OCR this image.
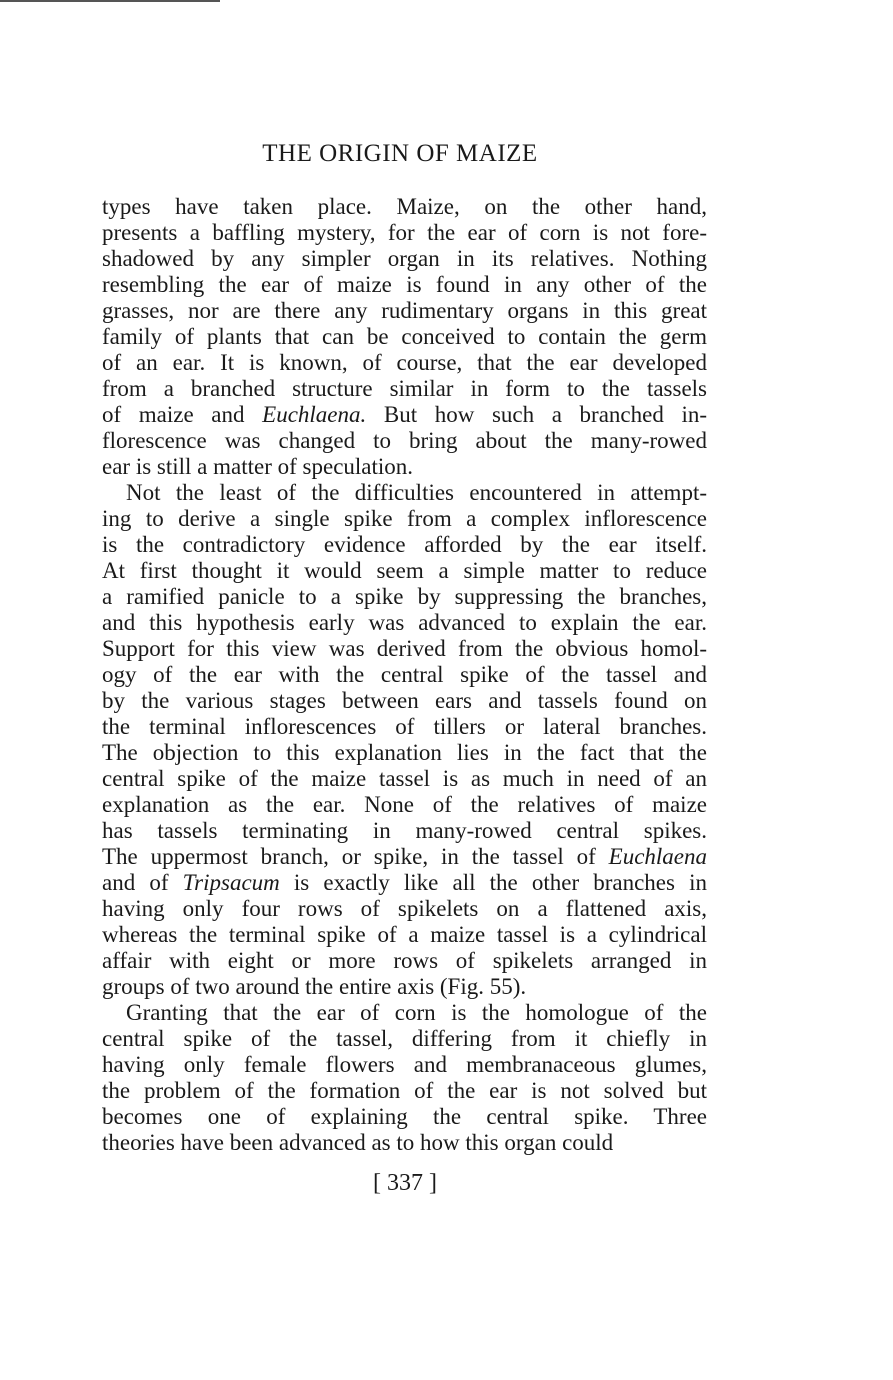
THE ORIGIN OF MAIZE
types have taken place. Maize, on the other hand,
presents a baffling mystery, for the ear of corn is not fore-
shadowed by any simpler organ in its relatives. Nothing
resembling the ear of maize is found in any other of the
grasses, nor are there any rudimentary organs in this great
family of plants that can be conceived to contain the germ
of an ear. It is known, of course, that the ear developed
from a branched structure similar in form to the tassels
of maize and Euchlaena. But how such a branched in-
florescence was changed to bring about the many-rowed
ear is still a matter of speculation.
Not the least of the difficulties encountered in attempt-
ing to derive a single spike from a complex inflorescence
is the contradictory evidence afforded by the ear itself.
At first thought it would seem a simple matter to reduce
a ramified panicle to a spike by suppressing the branches,
and this hypothesis early was advanced to explain the ear.
Support for this view was derived from the obvious homol-
ogy of the ear with the central spike of the tassel and
by the various stages between ears and tassels found on
the terminal inflorescences of tillers or lateral branches.
The objection to this explanation lies in the fact that the
central spike of the maize tassel is as much in need of an
explanation as the ear. None of the relatives of maize
has tassels terminating in many-rowed central spikes.
The uppermost branch, or spike, in the tassel of Euchlaena
and of Tripsacum is exactly like all the other branches in
having only four rows of spikelets on a flattened axis,
whereas the terminal spike of a maize tassel is a cylindrical
affair with eight or more rows of spikelets arranged in
groups of two around the entire axis (Fig. 55).
Granting that the ear of corn is the homologue of the
central spike of the tassel, differing from it chiefly in
having only female flowers and membranaceous glumes,
the problem of the formation of the ear is not solved but
becomes one of explaining the central spike. Three
theories have been advanced as to how this organ could
[ 337 ]
